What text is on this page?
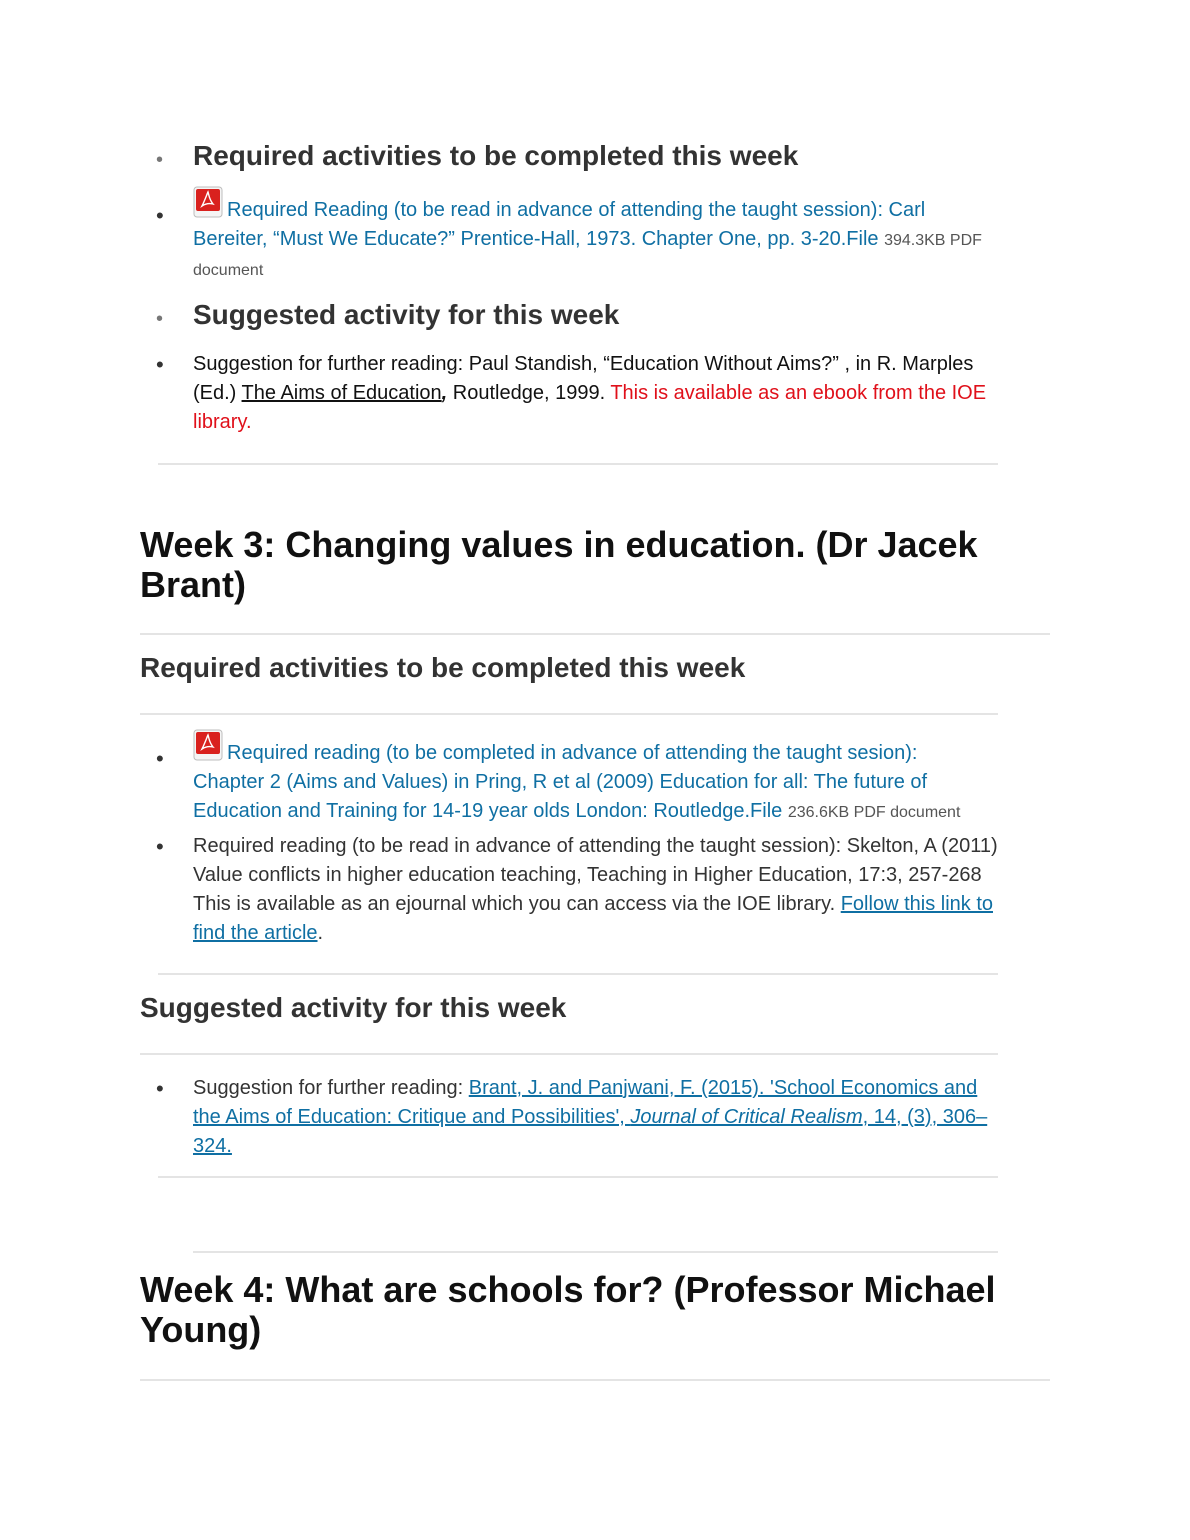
• Required activities to be completed this week
•	Required Reading (to be read in advance of attending the taught session): Carl Bereiter, “Must We Educate?” Prentice-Hall, 1973. Chapter One, pp. 3-20.File 394.3KB PDF document
• Suggested activity for this week
• Suggestion for further reading: Paul Standish, “Education Without Aims?” , in R. Marples (Ed.) The Aims of Education, Routledge, 1999. This is available as an ebook from the IOE library.
Week 3: Changing values in education. (Dr Jacek Brant)
Required activities to be completed this week
•	Required reading (to be completed in advance of attending the taught sesion): Chapter 2 (Aims and Values) in Pring, R et al (2009) Education for all: The future of Education and Training for 14-19 year olds London: Routledge.File 236.6KB PDF document
• Required reading (to be read in advance of attending the taught session): Skelton, A (2011) Value conflicts in higher education teaching, Teaching in Higher Education, 17:3, 257-268 This is available as an ejournal which you can access via the IOE library. Follow this link to find the article.
Suggested activity for this week
• Suggestion for further reading: Brant, J. and Panjwani, F. (2015). 'School Economics and the Aims of Education: Critique and Possibilities', Journal of Critical Realism, 14, (3), 306–324.
Week 4: What are schools for? (Professor Michael Young)
